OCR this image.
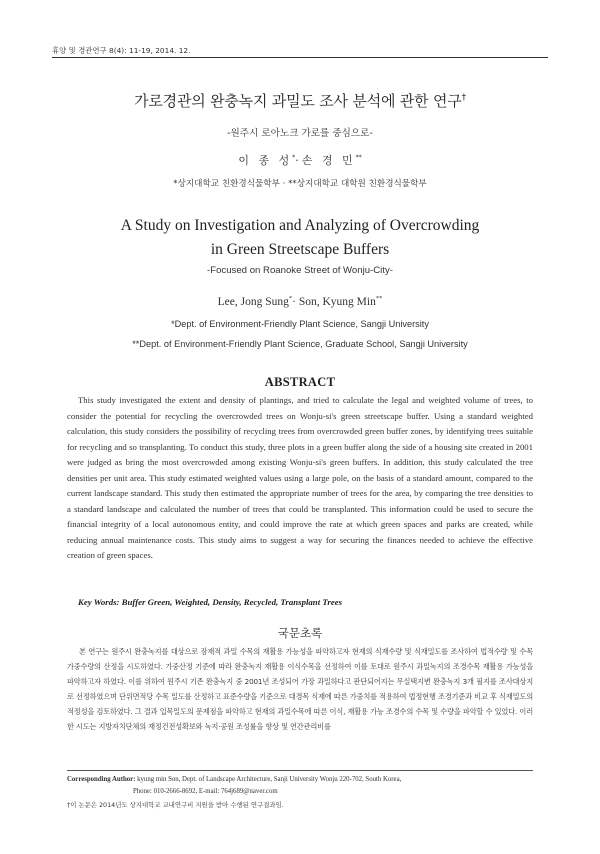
휴양 및 경관연구 8(4): 11-19, 2014. 12.
가로경관의 완충녹지 과밀도 조사 분석에 관한 연구†
-원주시 로아노크 가로를 중심으로-
이 종 성*·손 경 민**
*상지대학교 친환경식물학부 · **상지대학교 대학원 친환경식물학부
A Study on Investigation and Analyzing of Overcrowding
in Green Streetscape Buffers
-Focused on Roanoke Street of Wonju-City-
Lee, Jong Sung*· Son, Kyung Min**
*Dept. of Environment-Friendly Plant Science, Sangji University
**Dept. of Environment-Friendly Plant Science, Graduate School, Sangji University
ABSTRACT

This study investigated the extent and density of plantings, and tried to calculate the legal and weighted volume of trees, to consider the potential for recycling the overcrowded trees on Wonju-si's green streetscape buffer. Using a standard weighted calculation, this study considers the possibility of recycling trees from overcrowded green buffer zones, by identifying trees suitable for recycling and so transplanting. To conduct this study, three plots in a green buffer along the side of a housing site created in 2001 were judged as bring the most overcrowded among existing Wonju-si's green buffers. In addition, this study calculated the tree densities per unit area. This study estimated weighted values using a large pole, on the basis of a standard amount, compared to the current landscape standard. This study then estimated the appropriate number of trees for the area, by comparing the tree densities to a standard landscape and calculated the number of trees that could be transplanted. This information could be used to secure the financial integrity of a local autonomous entity, and could improve the rate at which green spaces and parks are created, while reducing annual maintenance costs. This study aims to suggest a way for securing the finances needed to achieve the effective creation of green spaces.

Key Words: Buffer Green, Weighted, Density, Recycled, Transplant Trees
국문초록

본 연구는 원주시 완충녹지를 대상으로 잠재적 과밀 수목의 재활용 가능성을 파악하고자 현재의 식재수량 및 식재밀도를 조사하여 법적수량 및 수목 가중수량의 산정을 시도하였다. 가중산정 기준에 따라 완충녹지 재활용 이식수목을 선정하여 이를 토대로 원주시 과밀녹지의 조경수목 재활용 가능성을 파악하고자 하였다. 이를 위하여 원주시 기존 완충녹지 중 2001년 조성되어 가장 과밀하다고 판단되어지는 무실택지변 완충녹지 3개 필지를 조사대상지로 선정하였으며 단위면적당 수목 밀도를 산정하고 표준수량을 기준으로 대경목 식재에 따른 가중치를 적용하여 법정현행 조경기준과 비교 후 식재밀도의 적정성을 검토하였다. 그 결과 입목밀도의 문제점을 파악하고 현재의 과밀수목에 따른 이식, 재활용 가능 조경수의 수목 및 수량을 파악할 수 있었다. 이러한 시도는 지방자치단체의 재정건전성확보와 녹지·공원 조성률을 향상 및 연간관리비를

Corresponding Author: kyung min Son, Dept. of Landscape Architecture, Sanji University Wonju 220-702, South Korea,
Phone: 010-2666-8692, E-mail: 764j689@naver.com
†이 논문은 2014년도 상지대학교 교내연구비 지원을 받아 수행된 연구결과임.
